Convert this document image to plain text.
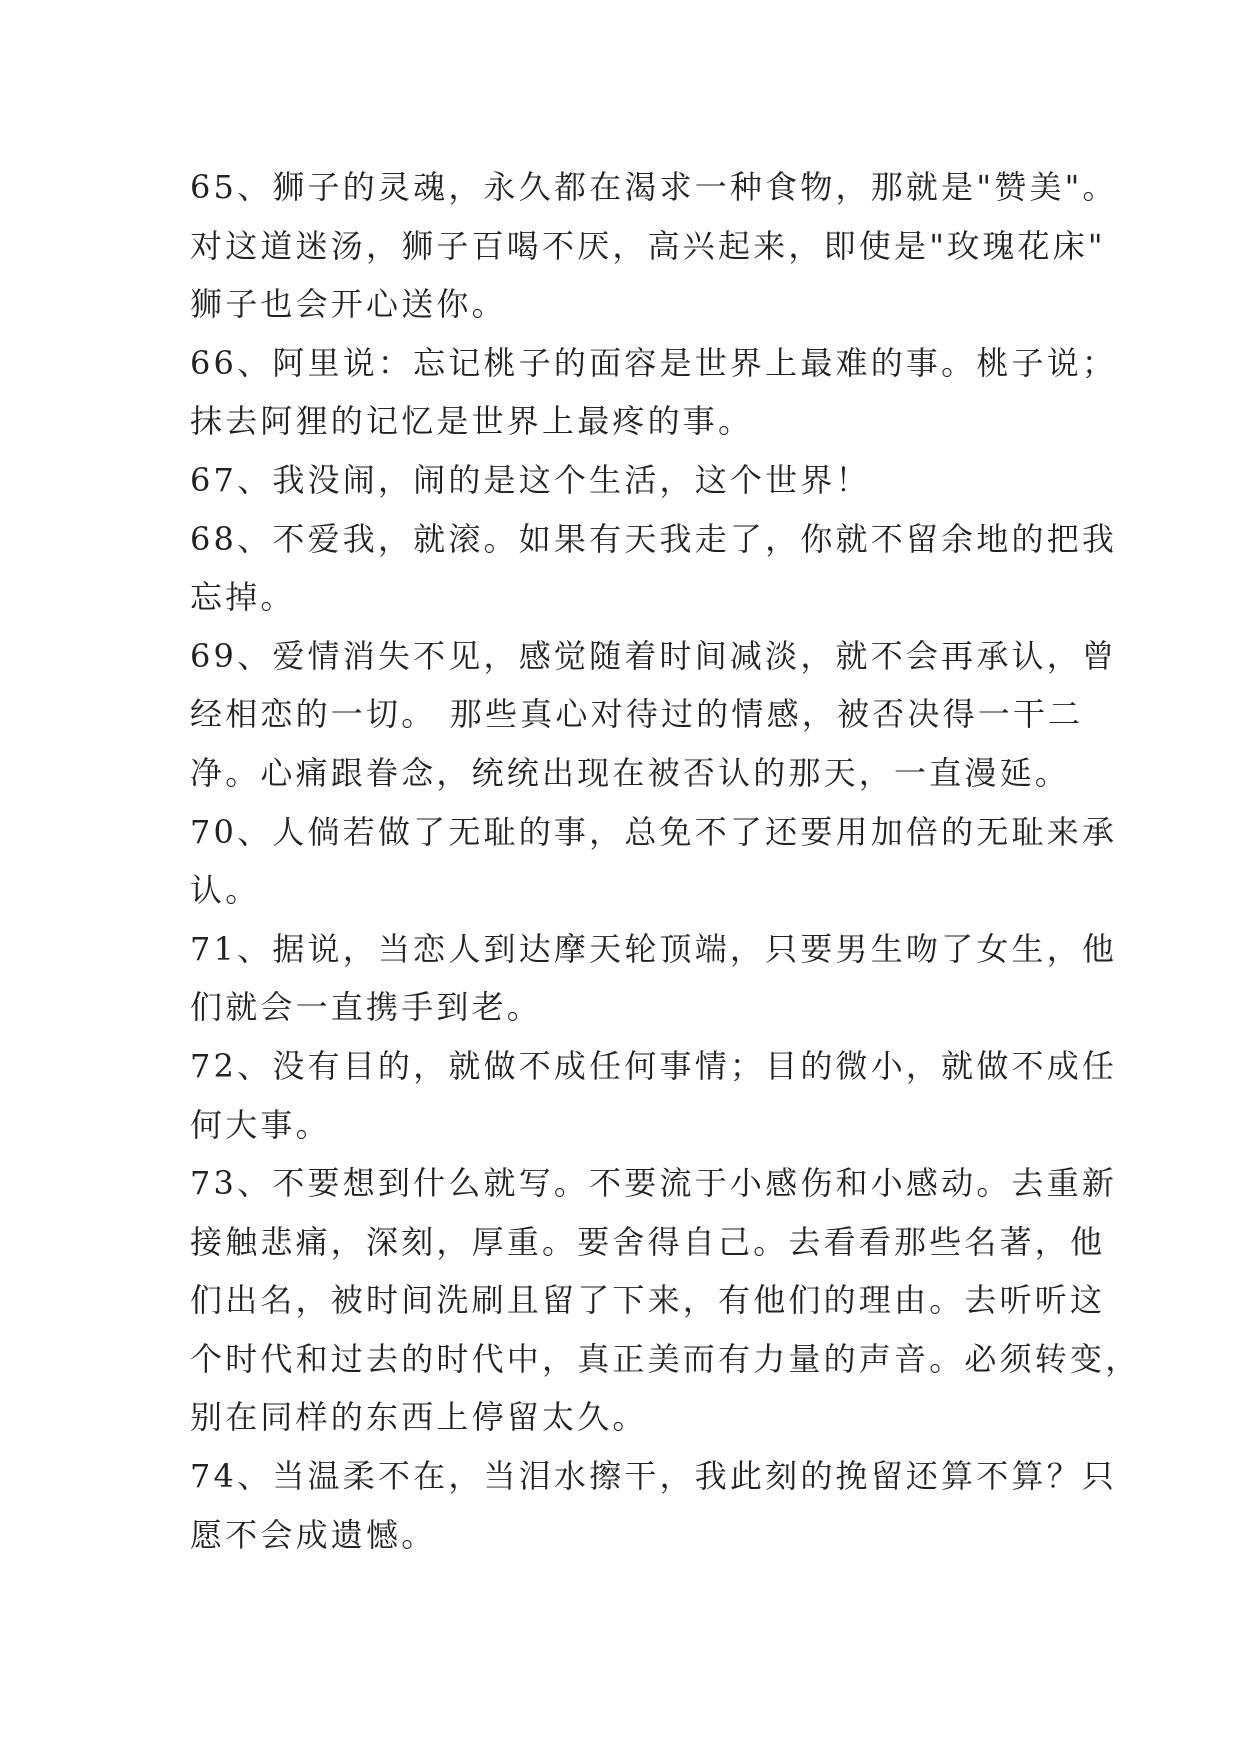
65、狮子的灵魂，永久都在渴求一种食物，那就是"赞美"。
对这道迷汤，狮子百喝不厌，高兴起来，即使是"玫瑰花床"
狮子也会开心送你。
66、阿里说：忘记桃子的面容是世界上最难的事。桃子说；
抹去阿狸的记忆是世界上最疼的事。
67、我没闹，闹的是这个生活，这个世界！
68、不爱我，就滚。如果有天我走了，你就不留余地的把我
忘掉。
69、爱情消失不见，感觉随着时间减淡，就不会再承认，曾
经相恋的一切。 那些真心对待过的情感，被否决得一干二
净。心痛跟眷念，统统出现在被否认的那天，一直漫延。
70、人倘若做了无耻的事，总免不了还要用加倍的无耻来承
认。
71、据说，当恋人到达摩天轮顶端，只要男生吻了女生，他
们就会一直携手到老。
72、没有目的，就做不成任何事情；目的微小，就做不成任
何大事。
73、不要想到什么就写。不要流于小感伤和小感动。去重新
接触悲痛，深刻，厚重。要舍得自己。去看看那些名著，他
们出名，被时间洗刷且留了下来，有他们的理由。去听听这
个时代和过去的时代中，真正美而有力量的声音。必须转变，
别在同样的东西上停留太久。
74、当温柔不在，当泪水擦干，我此刻的挽留还算不算？只
愿不会成遗憾。
